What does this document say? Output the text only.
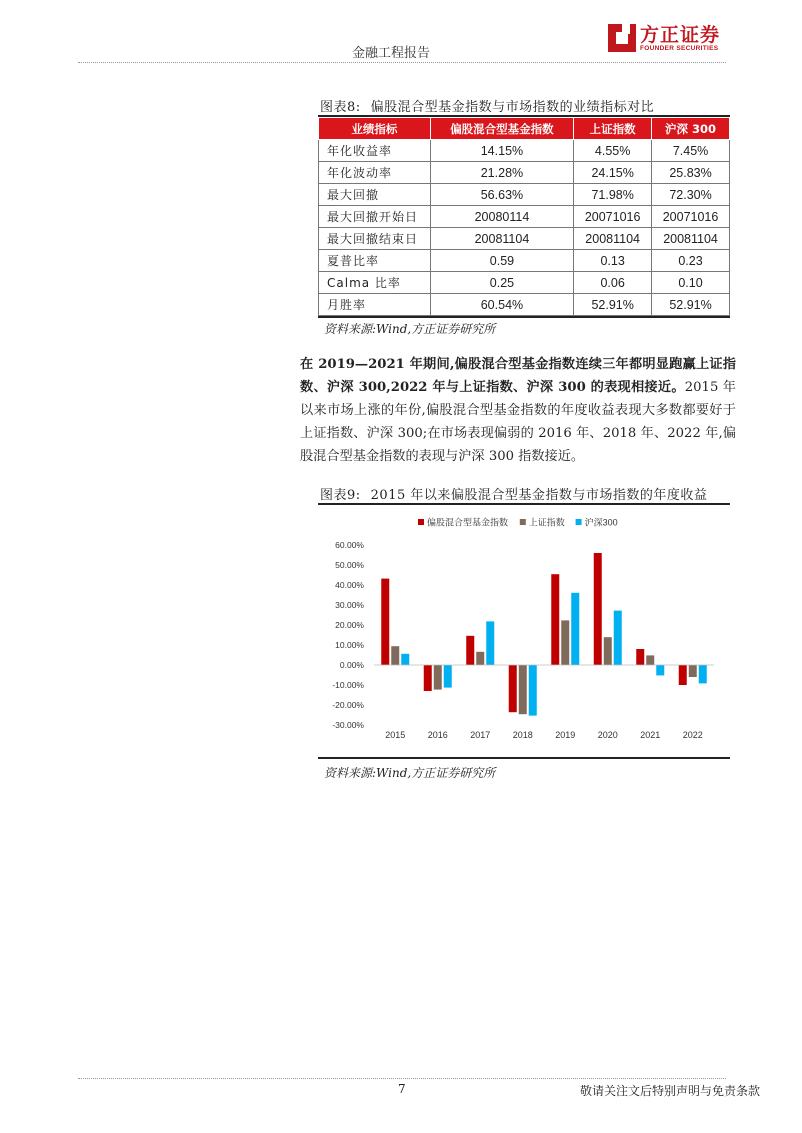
金融工程报告
方正证券
FOUNDER SECURITIES
图表8: 偏股混合型基金指数与市场指数的业绩指标对比
业绩指标	偏股混合型基金指数	上证指数	沪深 300
年化收益率	14.15%	4.55%	7.45%
年化波动率	21.28%	24.15%	25.83%
最大回撤	56.63%	71.98%	72.30%
最大回撤开始日	20080114	20071016	20071016
最大回撤结束日	20081104	20081104	20081104
夏普比率	0.59	0.13	0.23
Calma 比率	0.25	0.06	0.10
月胜率	60.54%	52.91%	52.91%
资料来源:Wind,方正证券研究所
在 2019—2021 年期间,偏股混合型基金指数连续三年都明显跑赢上证指数、沪深 300,2022 年与上证指数、沪深 300 的表现相接近。2015 年以来市场上涨的年份,偏股混合型基金指数的年度收益表现大多数都要好于上证指数、沪深 300;在市场表现偏弱的 2016 年、2018 年、2022 年,偏股混合型基金指数的表现与沪深 300 指数接近。
图表9: 2015 年以来偏股混合型基金指数与市场指数的年度收益
偏股混合型基金指数 上证指数 沪深300
60.00%
50.00%
40.00%
30.00%
20.00%
10.00%
0.00%
-10.00%
-20.00%
-30.00%
2015 2016 2017 2018 2019 2020 2021 2022
资料来源:Wind,方正证券研究所
7	敬请关注文后特别声明与免责条款
